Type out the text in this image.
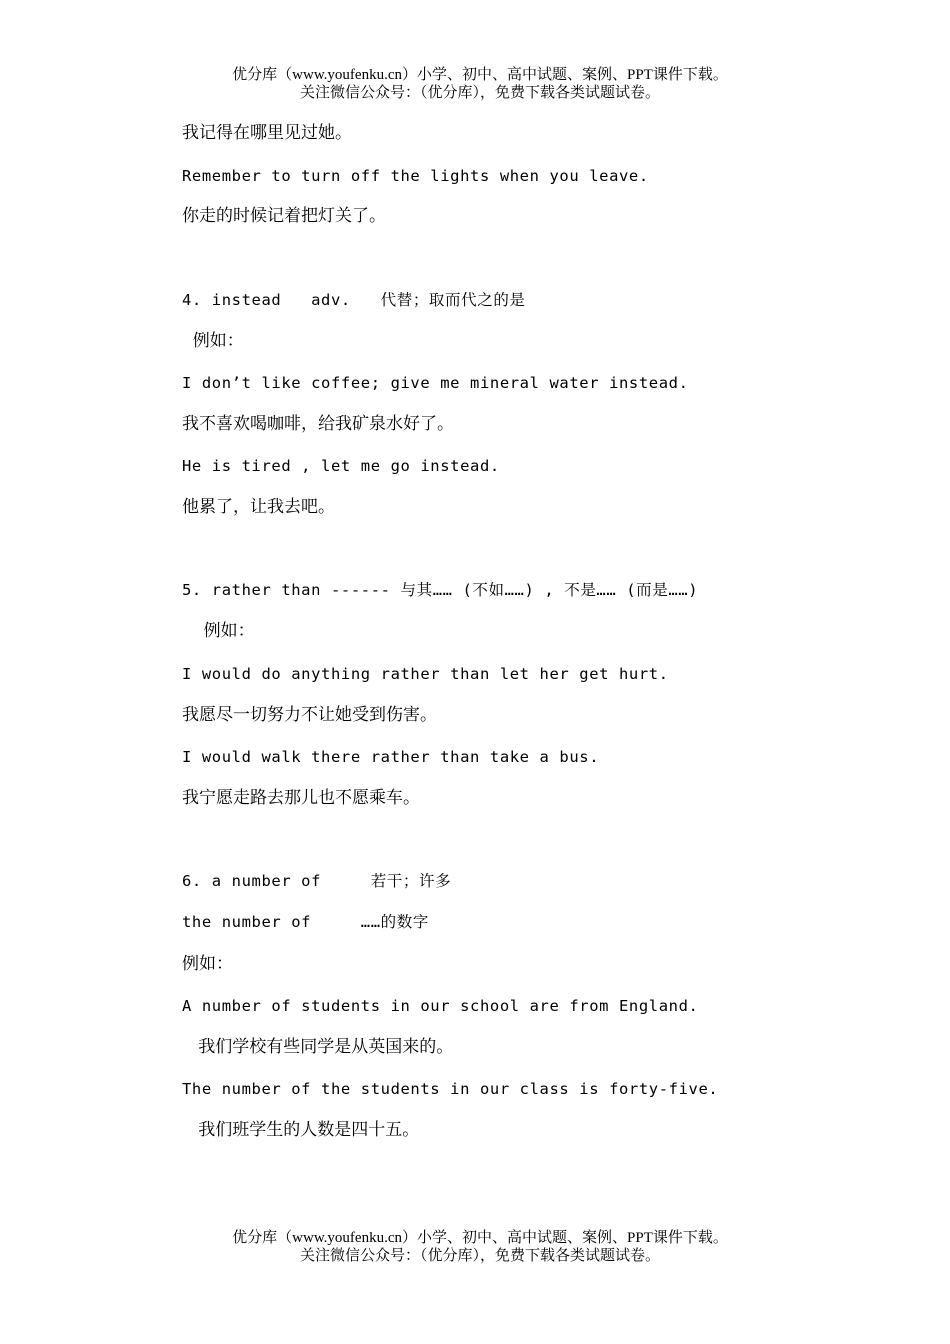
优分库（www.youfenku.cn）小学、初中、高中试题、案例、PPT课件下载。
关注微信公众号：（优分库），免费下载各类试题试卷。
我记得在哪里见过她。
Remember to turn off the lights when you leave.
你走的时候记着把灯关了。
4. instead   adv.   代替；取而代之的是
例如：
I don’t like coffee; give me mineral water instead.
我不喜欢喝咖啡，给我矿泉水好了。
He is tired , let me go instead.
他累了，让我去吧。
5. rather than ------ 与其…… (不如……) , 不是…… (而是……)
例如：
I would do anything rather than let her get hurt.
我愿尽一切努力不让她受到伤害。
I would walk there rather than take a bus.
我宁愿走路去那儿也不愿乘车。
6. a number of     若干；许多
the number of     ……的数字
例如：
A number of students in our school are from England.
我们学校有些同学是从英国来的。
The number of the students in our class is forty-five.
我们班学生的人数是四十五。
优分库（www.youfenku.cn）小学、初中、高中试题、案例、PPT课件下载。
关注微信公众号：（优分库），免费下载各类试题试卷。
